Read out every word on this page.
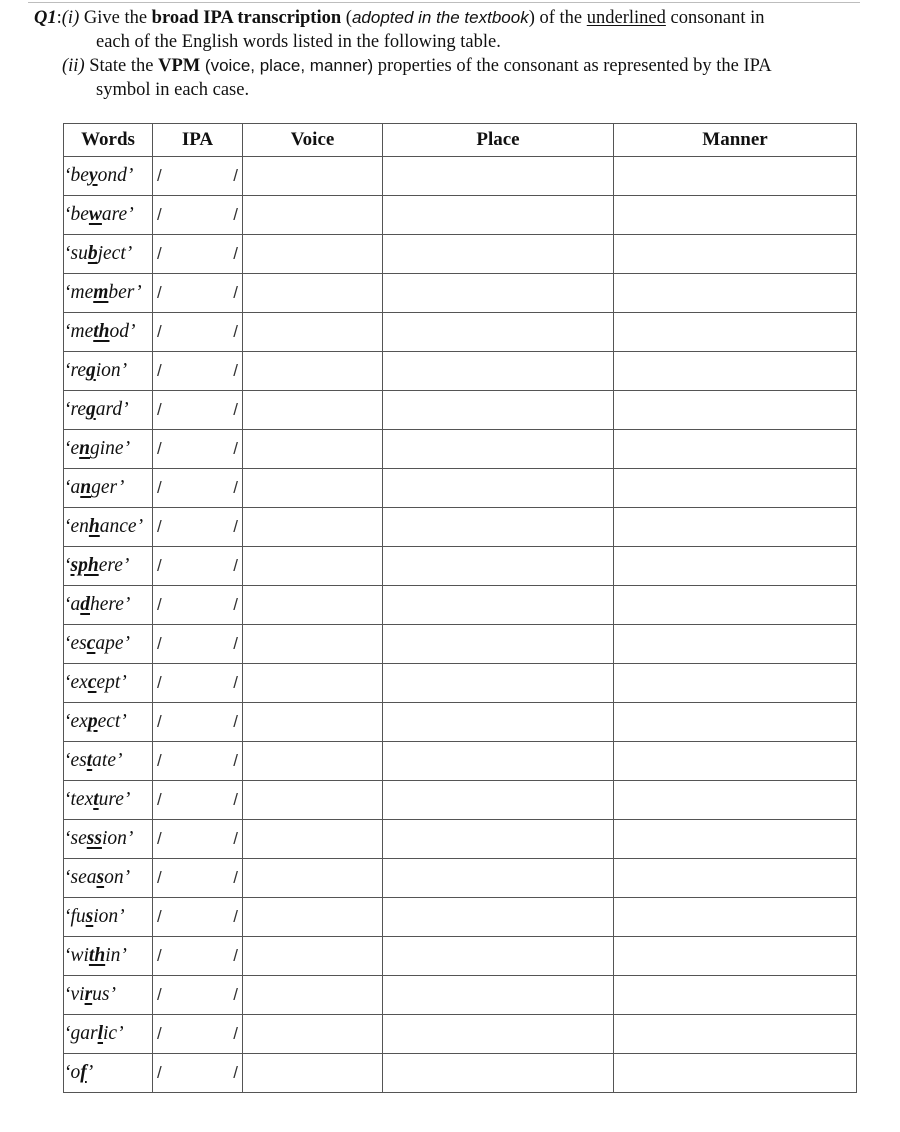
Q1:(i) Give the broad IPA transcription (adopted in the textbook) of the underlined consonant in
each of the English words listed in the following table.
(ii) State the VPM (voice, place, manner) properties of the consonant as represented by the IPA
symbol in each case.
Words	IPA	Voice	Place	Manner
‘beyond’	/ /			

‘beware’	/ /			

‘subject’	/ /			

‘member’	/ /			

‘method’	/ /			

‘region’	/ /			

‘regard’	/ /			

‘engine’	/ /			

‘anger’	/ /			

‘enhance’	/ /			

‘sphere’	/ /			

‘adhere’	/ /			

‘escape’	/ /			

‘except’	/ /			

‘expect’	/ /			

‘estate’	/ /			

‘texture’	/ /			

‘session’	/ /			

‘season’	/ /			

‘fusion’	/ /			

‘within’	/ /			

‘virus’	/ /			

‘garlic’	/ /			

‘of’	/ /			
